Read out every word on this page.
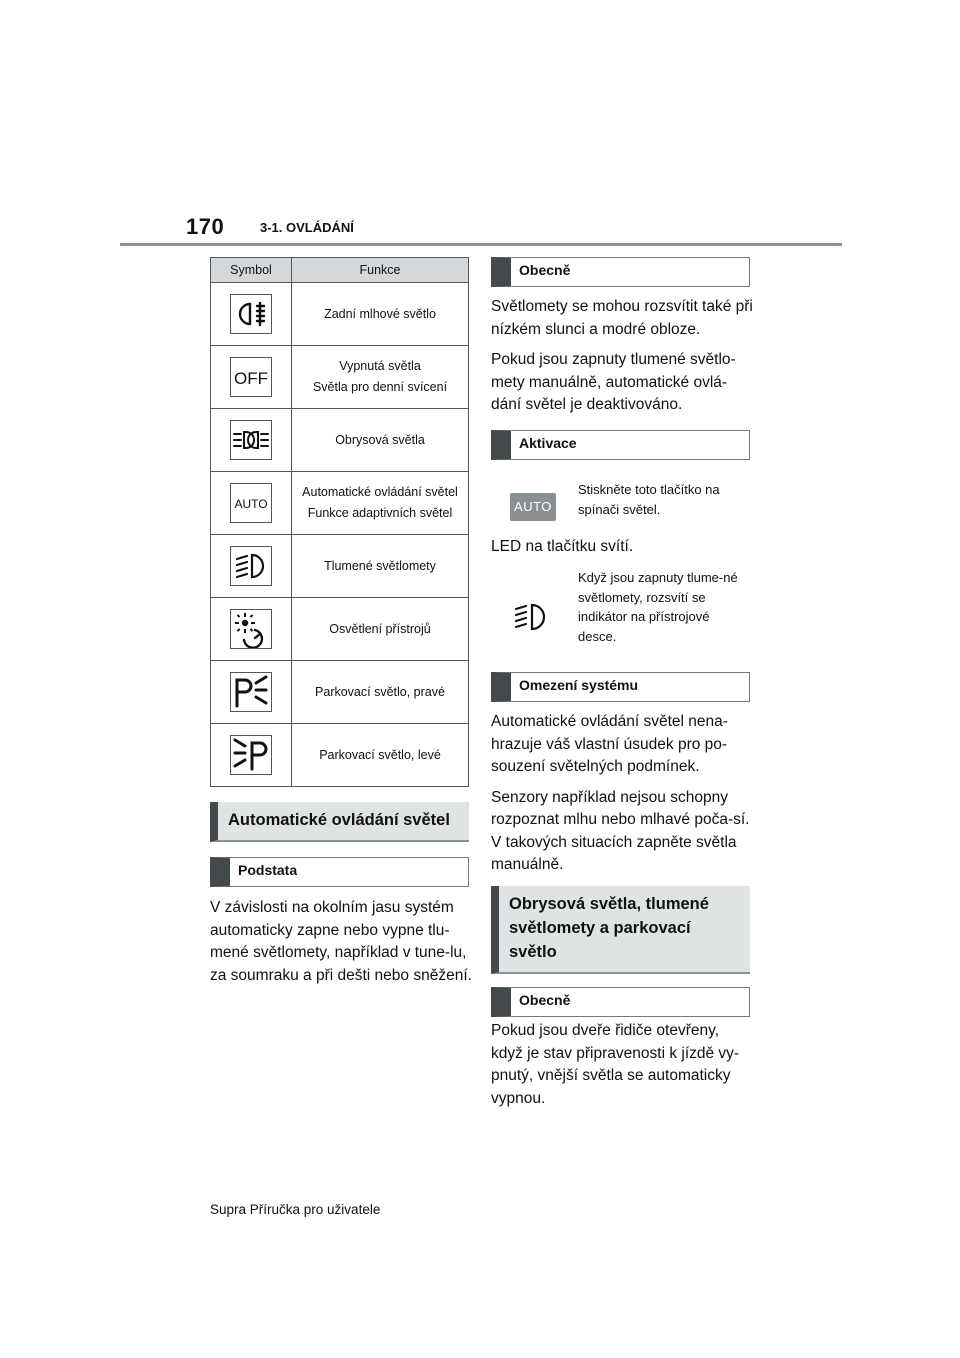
170	3-1. OVLÁDÁNÍ
Symbol	Funkce

Zadní mlhové světlo

OFF	Vypnutá světla
Světla pro denní svícení

Obrysová světla

AUTO	Automatické ovládání světel
Funkce adaptivních světel

Tlumené světlomety

Osvětlení přístrojů

Parkovací světlo, pravé

Parkovací světlo, levé
Automatické ovládání světel
Podstata

V závislosti na okolním jasu systém automaticky zapne nebo vypne tlu-mené světlomety, například v tune-lu, za soumraku a při dešti nebo sněžení.

Obecně

Světlomety se mohou rozsvítit také při nízkém slunci a modré obloze.

Pokud jsou zapnuty tlumené světlo-mety manuálně, automatické ovlá-dání světel je deaktivováno.

Aktivace
AUTO
Stiskněte toto tlačítko na spínači světel.
LED na tlačítku svítí.
Když jsou zapnuty tlume-né světlomety, rozsvítí se indikátor na přístrojové desce.
Omezení systému

Automatické ovládání světel nena-hrazuje váš vlastní úsudek pro po-souzení světelných podmínek.

Senzory například nejsou schopny rozpoznat mlhu nebo mlhavé poča-sí. V takových situacích zapněte světla manuálně.

Obrysová světla, tlumené světlomety a parkovací světlo
Obecně
Pokud jsou dveře řidiče otevřeny, když je stav připravenosti k jízdě vy-pnutý, vnější světla se automaticky vypnou.
Supra Příručka pro uživatele
